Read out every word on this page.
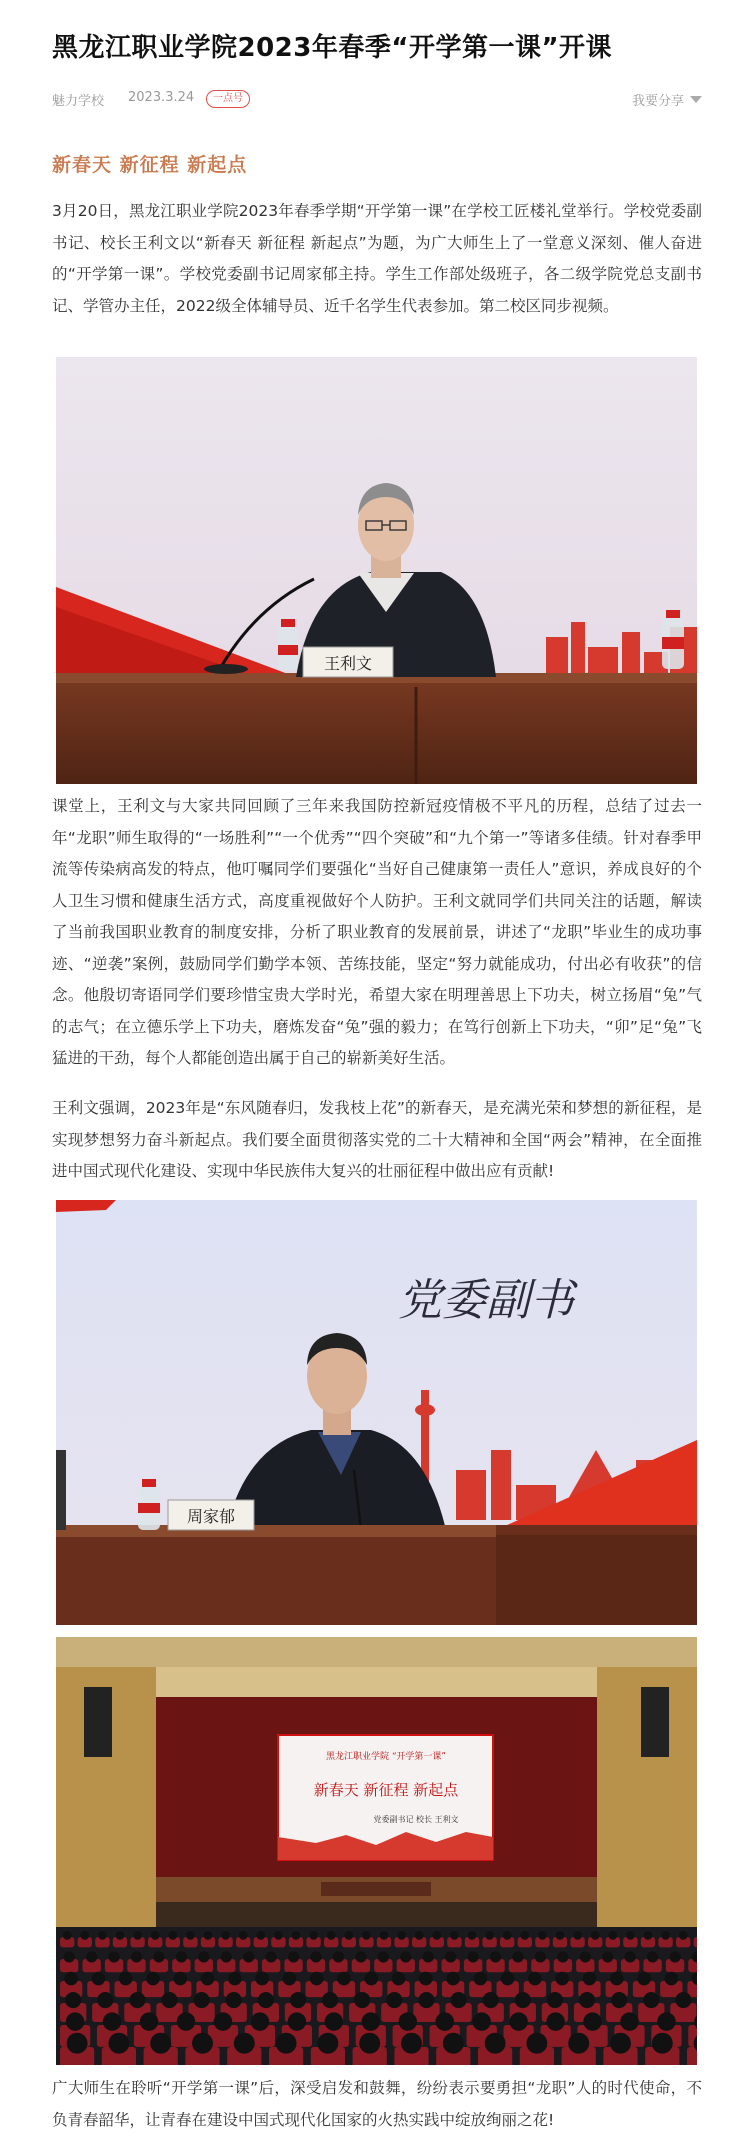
黑龙江职业学院2023年春季“开学第一课”开课
魅力学校 2023.3.24	一点号	我要分享
新春天 新征程 新起点

3月20日，黑龙江职业学院2023年春季学期“开学第一课”在学校工匠楼礼堂举行。学校党委副书记、校长王利文以“新春天 新征程 新起点”为题，为广大师生上了一堂意义深刻、催人奋进的“开学第一课”。学校党委副书记周家郁主持。学生工作部处级班子，各二级学院党总支副书记、学管办主任，2022级全体辅导员、近千名学生代表参加。第二校区同步视频。

王利文

课堂上，王利文与大家共同回顾了三年来我国防控新冠疫情极不平凡的历程，总结了过去一年“龙职”师生取得的“一场胜利”“一个优秀”“四个突破”和“九个第一”等诸多佳绩。针对春季甲流等传染病高发的特点，他叮嘱同学们要强化“当好自己健康第一责任人”意识，养成良好的个人卫生习惯和健康生活方式，高度重视做好个人防护。王利文就同学们共同关注的话题，解读了当前我国职业教育的制度安排，分析了职业教育的发展前景，讲述了“龙职”毕业生的成功事迹、“逆袭”案例，鼓励同学们勤学本领、苦练技能，坚定“努力就能成功，付出必有收获”的信念。他殷切寄语同学们要珍惜宝贵大学时光，希望大家在明理善思上下功夫，树立扬眉“兔”气的志气；在立德乐学上下功夫，磨炼发奋“兔”强的毅力；在笃行创新上下功夫，“卯”足“兔”飞猛进的干劲，每个人都能创造出属于自己的崭新美好生活。

王利文强调，2023年是“东风随春归，发我枝上花”的新春天，是充满光荣和梦想的新征程，是实现梦想努力奋斗新起点。我们要全面贯彻落实党的二十大精神和全国“两会”精神，在全面推进中国式现代化建设、实现中华民族伟大复兴的壮丽征程中做出应有贡献!

党委副书
周家郁
黑龙江职业学院 “开学第一课”
新春天 新征程 新起点
党委副书记 校长 王利文

广大师生在聆听“开学第一课”后，深受启发和鼓舞，纷纷表示要勇担“龙职”人的时代使命，不负青春韶华，让青春在建设中国式现代化国家的火热实践中绽放绚丽之花!
